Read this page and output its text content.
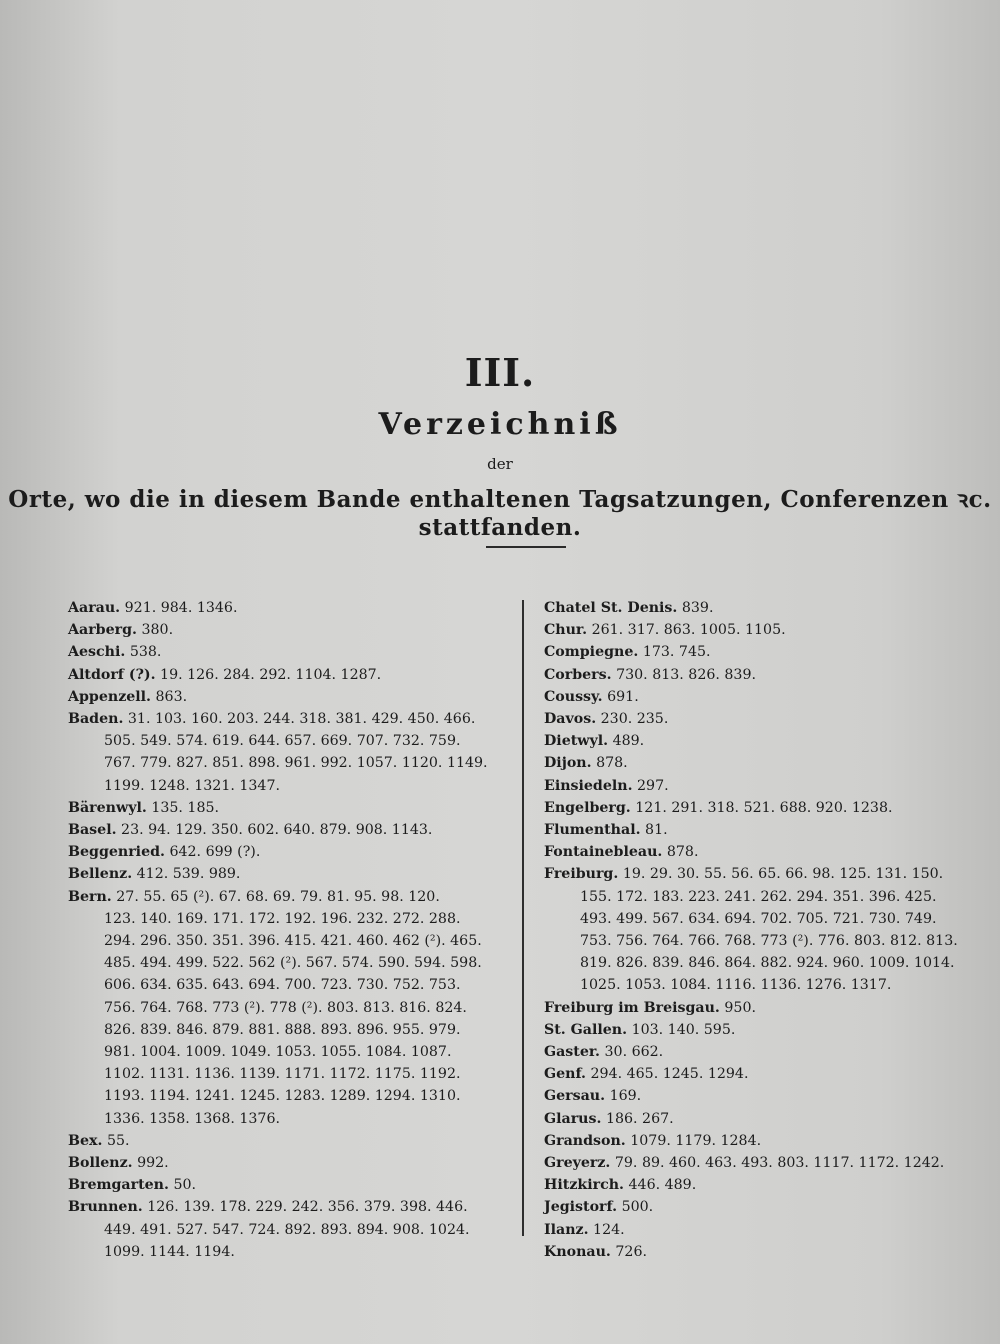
III.
Verzeichniß
der
Orte, wo die in diesem Bande enthaltenen Tagsatzungen, Conferenzen ꝛc. stattfanden.
Aarau. 921. 984. 1346.
Aarberg. 380.
Aeschi. 538.
Altdorf (?). 19. 126. 284. 292. 1104. 1287.
Appenzell. 863.
Baden. 31. 103. 160. 203. 244. 318. 381. 429. 450. 466.
505. 549. 574. 619. 644. 657. 669. 707. 732. 759.
767. 779. 827. 851. 898. 961. 992. 1057. 1120. 1149.
1199. 1248. 1321. 1347.
Bärenwyl. 135. 185.
Basel. 23. 94. 129. 350. 602. 640. 879. 908. 1143.
Beggenried. 642. 699 (?).
Bellenz. 412. 539. 989.
Bern. 27. 55. 65 (²). 67. 68. 69. 79. 81. 95. 98. 120.
123. 140. 169. 171. 172. 192. 196. 232. 272. 288.
294. 296. 350. 351. 396. 415. 421. 460. 462 (²). 465.
485. 494. 499. 522. 562 (²). 567. 574. 590. 594. 598.
606. 634. 635. 643. 694. 700. 723. 730. 752. 753.
756. 764. 768. 773 (²). 778 (²). 803. 813. 816. 824.
826. 839. 846. 879. 881. 888. 893. 896. 955. 979.
981. 1004. 1009. 1049. 1053. 1055. 1084. 1087.
1102. 1131. 1136. 1139. 1171. 1172. 1175. 1192.
1193. 1194. 1241. 1245. 1283. 1289. 1294. 1310.
1336. 1358. 1368. 1376.
Bex. 55.
Bollenz. 992.
Bremgarten. 50.
Brunnen. 126. 139. 178. 229. 242. 356. 379. 398. 446.
449. 491. 527. 547. 724. 892. 893. 894. 908. 1024.
1099. 1144. 1194.
Chatel St. Denis. 839.
Chur. 261. 317. 863. 1005. 1105.
Compiegne. 173. 745.
Corbers. 730. 813. 826. 839.
Coussy. 691.
Davos. 230. 235.
Dietwyl. 489.
Dijon. 878.
Einsiedeln. 297.
Engelberg. 121. 291. 318. 521. 688. 920. 1238.
Flumenthal. 81.
Fontainebleau. 878.
Freiburg. 19. 29. 30. 55. 56. 65. 66. 98. 125. 131. 150.
155. 172. 183. 223. 241. 262. 294. 351. 396. 425.
493. 499. 567. 634. 694. 702. 705. 721. 730. 749.
753. 756. 764. 766. 768. 773 (²). 776. 803. 812. 813.
819. 826. 839. 846. 864. 882. 924. 960. 1009. 1014.
1025. 1053. 1084. 1116. 1136. 1276. 1317.
Freiburg im Breisgau. 950.
St. Gallen. 103. 140. 595.
Gaster. 30. 662.
Genf. 294. 465. 1245. 1294.
Gersau. 169.
Glarus. 186. 267.
Grandson. 1079. 1179. 1284.
Greyerz. 79. 89. 460. 463. 493. 803. 1117. 1172. 1242.
Hitzkirch. 446. 489.
Jegistorf. 500.
Ilanz. 124.
Knonau. 726.
